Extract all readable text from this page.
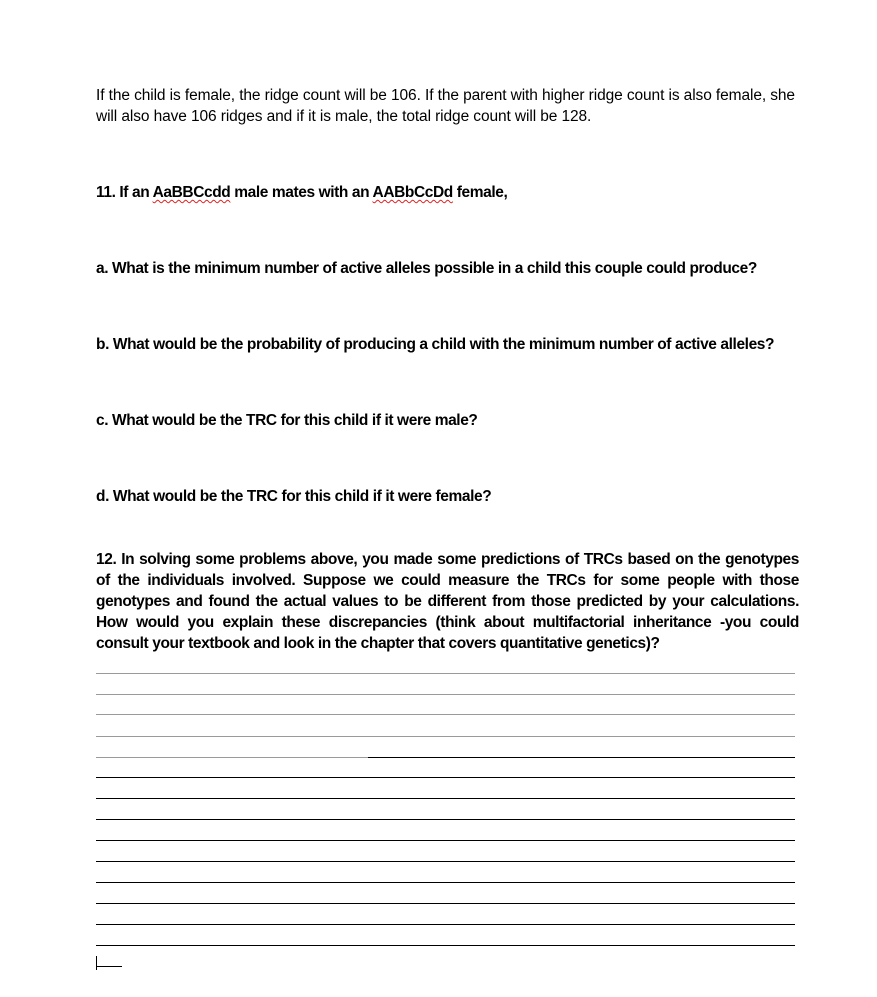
If the child is female, the ridge count will be 106. If the parent with higher ridge count is also female, she will also have 106 ridges and if it is male, the total ridge count will be 128.

11. If an AaBBCcdd male mates with an AABbCcDd female,
a. What is the minimum number of active alleles possible in a child this couple could produce?
b. What would be the probability of producing a child with the minimum number of active alleles?
c. What would be the TRC for this child if it were male?
d. What would be the TRC for this child if it were female?
12. In solving some problems above, you made some predictions of TRCs based on the genotypes of the individuals involved. Suppose we could measure the TRCs for some people with those genotypes and found the actual values to be different from those predicted by your calculations. How would you explain these discrepancies (think about multifactorial inheritance -you could consult your textbook and look in the chapter that covers quantitative genetics)?
